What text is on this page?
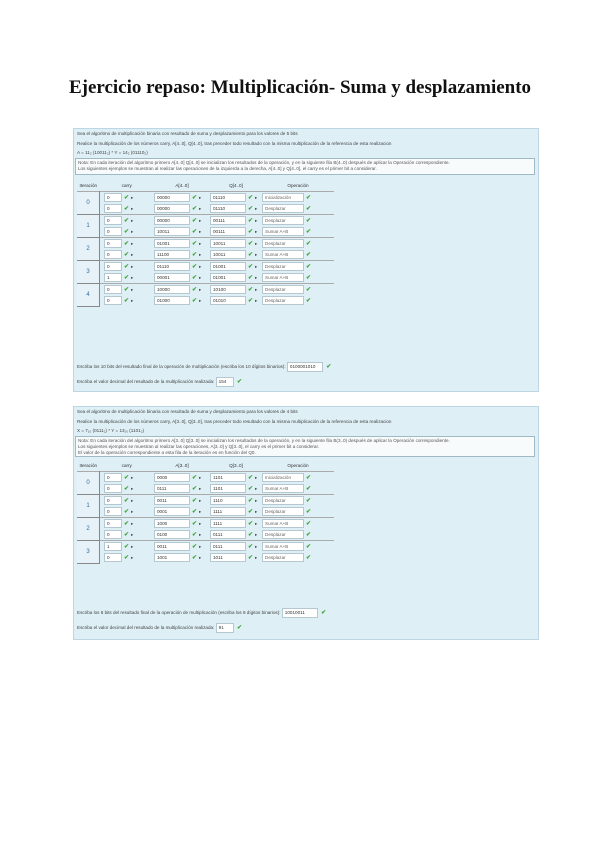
Ejercicio repaso: Multiplicación- Suma y desplazamiento
Sea el algoritmo de multiplicación binaria con resultado de suma y desplazamiento para los valores de 5 bits
Realice la multiplicación de los números carry, A[4..0], Q[4..0], tras preceder todo resultado con la misma multiplicación de la referencia de esta realizacion
A = 11₂ (10011₂) * Y = 14₂ (01110₂)
Nota: En cada iteración del algoritmo primero A[4..0] Q[4..0] se inicializan los resultados de la operación, y en la siguiente fila B(4..0) después de aplicar la Operación correspondiente.
Los siguientes ejemplos se muestran al realizar las operaciones de la izquierda a la derecha, A[4..0] y Q[4..0], el carry es el primer bit a considerar.
Iteración	carry	A[4..0]	Q[4..0]	Operación
0	0 ✔ ▸	00000 ✔ ▸	01110 ✔ ▸	Inicialización ✔
	0 ✔ ▸	00000 ✔ ▸	01110 ✔ ▸	Desplazar ✔
1	0 ✔ ▸	00000 ✔ ▸	00111 ✔ ▸	Desplazar ✔
	0 ✔ ▸	10011 ✔ ▸	00111 ✔ ▸	Sumar A+B ✔
2	0 ✔ ▸	01001 ✔ ▸	10011 ✔ ▸	Desplazar ✔
	0 ✔ ▸	11100 ✔ ▸	10011 ✔ ▸	Sumar A+B ✔
3	0 ✔ ▸	01110 ✔ ▸	01001 ✔ ▸	Desplazar ✔
	1 ✔ ▸	00001 ✔ ▸	01001 ✔ ▸	Sumar A+B ✔
4	0 ✔ ▸	10000 ✔ ▸	10100 ✔ ▸	Desplazar ✔
	0 ✔ ▸	01000 ✔ ▸	01010 ✔ ▸	Desplazar ✔
Escriba los 10 bits del resultado final de la operación de multiplicación (escriba los 10 dígitos binarios): 0100001010 ✔
Escriba el valor decimal del resultado de la multiplicación realizada: 154 ✔
Sea el algoritmo de multiplicación binaria con resultado de suma y desplazamiento para los valores de 4 bits
Realice la multiplicación de los números carry, A[3..0], Q[3..0], tras preceder todo resultado con la misma multiplicación de la referencia de esta realizacion
X = 7₁₀ (0111₂) * Y = 13₁₀ (1101₂)
Nota: En cada iteración del algoritmo primero A[3..0] Q[3..0] se inicializan los resultados de la operación, y en la siguiente fila B(3..0) después de aplicar la Operación correspondiente.
Los siguientes ejemplos se muestran al realizar las operaciones, A[3..0] y Q[3..0], el carry es el primer bit a considerar.
El valor de la operación correspondiente a esta fila de la iteración es en función del Q0.
Iteración	carry	A[3..0]	Q[3..0]	Operación
0	0 ✔ ▸	0000 ✔ ▸	1101 ✔ ▸	Inicialización ✔
	0 ✔ ▸	0111 ✔ ▸	1101 ✔ ▸	Sumar A+B ✔
1	0 ✔ ▸	0011 ✔ ▸	1110 ✔ ▸	Desplazar ✔
	0 ✔ ▸	0001 ✔ ▸	1111 ✔ ▸	Desplazar ✔
2	0 ✔ ▸	1000 ✔ ▸	1111 ✔ ▸	Sumar A+B ✔
	0 ✔ ▸	0100 ✔ ▸	0111 ✔ ▸	Desplazar ✔
3	1 ✔ ▸	0011 ✔ ▸	0111 ✔ ▸	Sumar A+B ✔
	0 ✔ ▸	1001 ✔ ▸	1011 ✔ ▸	Desplazar ✔
Escriba los 8 bits del resultado final de la operación de multiplicación (escriba los 8 dígitos binarios): 10010011	✔
Escriba el valor decimal del resultado de la multiplicación realizada: 91 ✔
